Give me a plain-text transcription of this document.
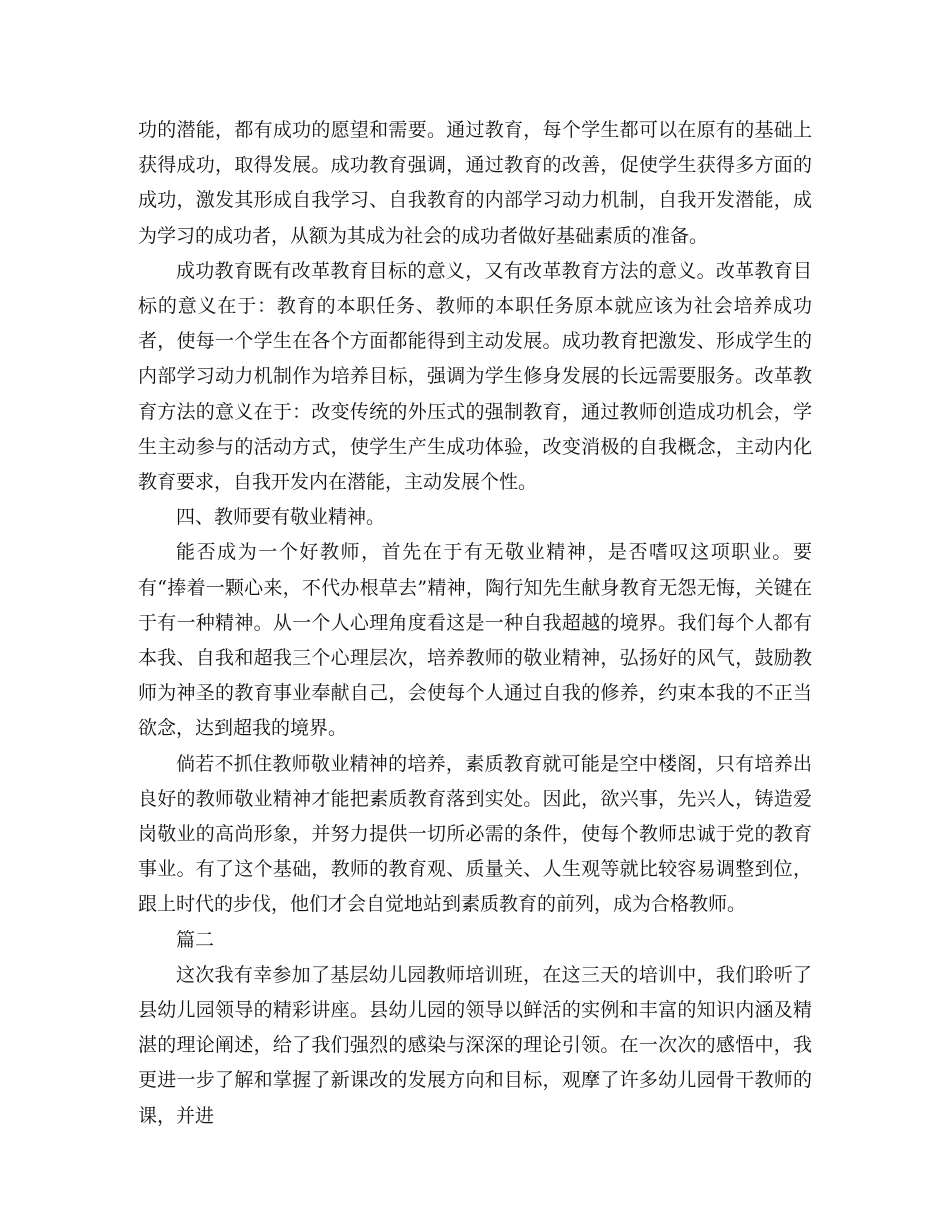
功的潜能，都有成功的愿望和需要。通过教育，每个学生都可以在原有的基础上获得成功，取得发展。成功教育强调，通过教育的改善，促使学生获得多方面的成功，激发其形成自我学习、自我教育的内部学习动力机制，自我开发潜能，成为学习的成功者，从额为其成为社会的成功者做好基础素质的准备。

成功教育既有改革教育目标的意义，又有改革教育方法的意义。改革教育目标的意义在于：教育的本职任务、教师的本职任务原本就应该为社会培养成功者，使每一个学生在各个方面都能得到主动发展。成功教育把激发、形成学生的内部学习动力机制作为培养目标，强调为学生修身发展的长远需要服务。改革教育方法的意义在于：改变传统的外压式的强制教育，通过教师创造成功机会，学生主动参与的活动方式，使学生产生成功体验，改变消极的自我概念，主动内化教育要求，自我开发内在潜能，主动发展个性。

四、教师要有敬业精神。

能否成为一个好教师，首先在于有无敬业精神，是否嗜叹这项职业。要有“捧着一颗心来，不代办根草去”精神，陶行知先生献身教育无怨无悔，关键在于有一种精神。从一个人心理角度看这是一种自我超越的境界。我们每个人都有本我、自我和超我三个心理层次，培养教师的敬业精神，弘扬好的风气，鼓励教师为神圣的教育事业奉献自己，会使每个人通过自我的修养，约束本我的不正当欲念，达到超我的境界。

倘若不抓住教师敬业精神的培养，素质教育就可能是空中楼阁，只有培养出良好的教师敬业精神才能把素质教育落到实处。因此，欲兴事，先兴人，铸造爱岗敬业的高尚形象，并努力提供一切所必需的条件，使每个教师忠诚于党的教育事业。有了这个基础，教师的教育观、质量关、人生观等就比较容易调整到位，跟上时代的步伐，他们才会自觉地站到素质教育的前列，成为合格教师。

篇二

这次我有幸参加了基层幼儿园教师培训班，在这三天的培训中，我们聆听了县幼儿园领导的精彩讲座。县幼儿园的领导以鲜活的实例和丰富的知识内涵及精湛的理论阐述，给了我们强烈的感染与深深的理论引领。在一次次的感悟中，我更进一步了解和掌握了新课改的发展方向和目标，观摩了许多幼儿园骨干教师的课，并进
